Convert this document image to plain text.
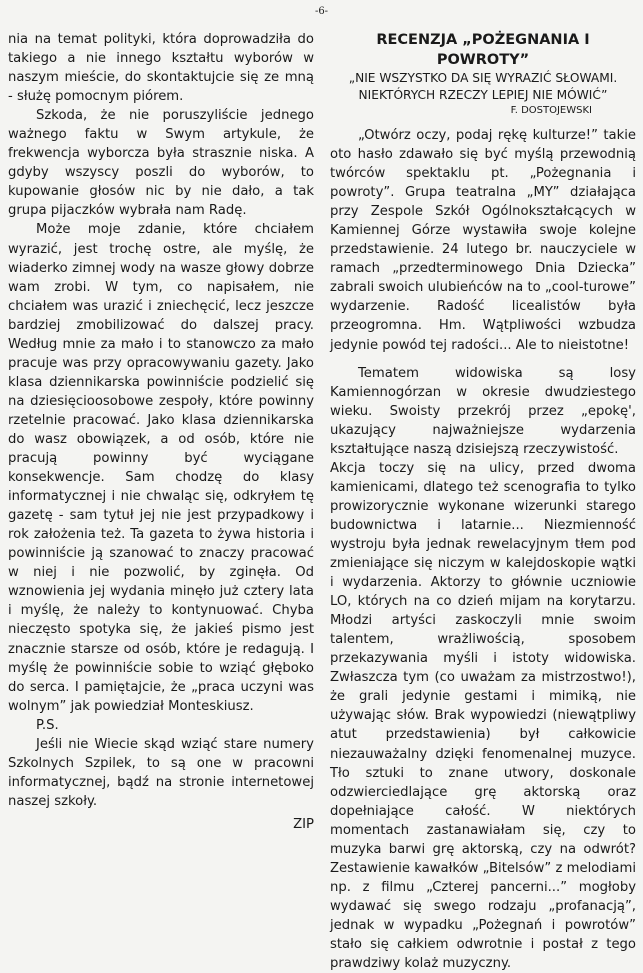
-6-

nia na temat polityki, która doprowadziła do takiego a nie innego kształtu wyborów w naszym mieście, do skontaktujcie się ze mną - służę pomocnym piórem.

Szkoda, że nie poruszyliście jednego ważnego faktu w Swym artykule, że frekwencja wyborcza była strasznie niska. A gdyby wszyscy poszli do wyborów, to kupowanie głosów nic by nie dało, a tak grupa pijaczków wybrała nam Radę.

Może moje zdanie, które chciałem wyrazić, jest trochę ostre, ale myślę, że wiaderko zimnej wody na wasze głowy dobrze wam zrobi. W tym, co napisałem, nie chciałem was urazić i zniechęcić, lecz jeszcze bardziej zmobilizować do dalszej pracy. Według mnie za mało i to stanowczo za mało pracuje was przy opracowywaniu gazety. Jako klasa dziennikarska powinniście podzielić się na dziesięcioosobowe zespoły, które powinny rzetelnie pracować. Jako klasa dziennikarska do wasz obowiązek, a od osób, które nie pracują powinny być wyciągane konsekwencje. Sam chodzę do klasy informatycznej i nie chwaląc się, odkryłem tę gazetę - sam tytuł jej nie jest przypadkowy i rok założenia też. Ta gazeta to żywa historia i powinniście ją szanować to znaczy pracować w niej i nie pozwolić, by zginęła. Od wznowienia jej wydania minęło już cztery lata i myślę, że należy to kontynuować. Chyba nieczęsto spotyka się, że jakieś pismo jest znacznie starsze od osób, które je redagują. I myślę że powinniście sobie to wziąć głęboko do serca. I pamiętajcie, że „praca uczyni was wolnym” jak powiedział Monteskiusz.

P.S.

Jeśli nie Wiecie skąd wziąć stare numery Szkolnych Szpilek, to są one w pracowni informatycznej, bądź na stronie internetowej naszej szkoły.

ZIP

RECENZJA „POŻEGNANIA I POWROTY”

„NIE WSZYSTKO DA SIĘ WYRAZIĆ SŁOWAMI.

NIEKTÓRYCH RZECZY LEPIEJ NIE MÓWIĆ”

F. DOSTOJEWSKI

„Otwórz oczy, podaj rękę kulturze!” takie oto hasło zdawało się być myślą przewodnią twórców spektaklu pt. „Pożegnania i powroty”. Grupa teatralna „MY” działająca przy Zespole Szkół Ogólnokształcących w Kamiennej Górze wystawiła swoje kolejne przedstawienie. 24 lutego br. nauczyciele w ramach „przedterminowego Dnia Dziecka” zabrali swoich ulubieńców na to „cool-turowe” wydarzenie. Radość licealistów była przeogromna. Hm. Wątpliwości wzbudza jedynie powód tej radości... Ale to nieistotne!

Tematem widowiska są losy Kamiennogórzan w okresie dwudziestego wieku. Swoisty przekrój przez „epokę', ukazujący najważniejsze wydarzenia kształtujące naszą dzisiejszą rzeczywistość.

Akcja toczy się na ulicy, przed dwoma kamienicami, dlatego też scenografia to tylko prowizorycznie wykonane wizerunki starego budownictwa i latarnie... Niezmienność wystroju była jednak rewelacyjnym tłem pod zmieniające się niczym w kalejdoskopie wątki i wydarzenia. Aktorzy to głównie uczniowie LO, których na co dzień mijam na korytarzu. Młodzi artyści zaskoczyli mnie swoim talentem, wrażliwością, sposobem przekazywania myśli i istoty widowiska. Zwłaszcza tym (co uważam za mistrzostwo!), że grali jedynie gestami i mimiką, nie używając słów. Brak wypowiedzi (niewątpliwy atut przedstawienia) był całkowicie niezauważalny dzięki fenomenalnej muzyce. Tło sztuki to znane utwory, doskonale odzwierciedlające grę aktorską oraz dopełniające całość. W niektórych momentach zastanawiałam się, czy to muzyka barwi grę aktorską, czy na odwrót? Zestawienie kawałków „Bitelsów” z melodiami np. z filmu „Czterej pancerni...” mogłoby wydawać się swego rodzaju „profanacją”, jednak w wypadku „Pożegnań i powrotów” stało się całkiem odwrotnie i postał z tego prawdziwy kolaż muzyczny.
